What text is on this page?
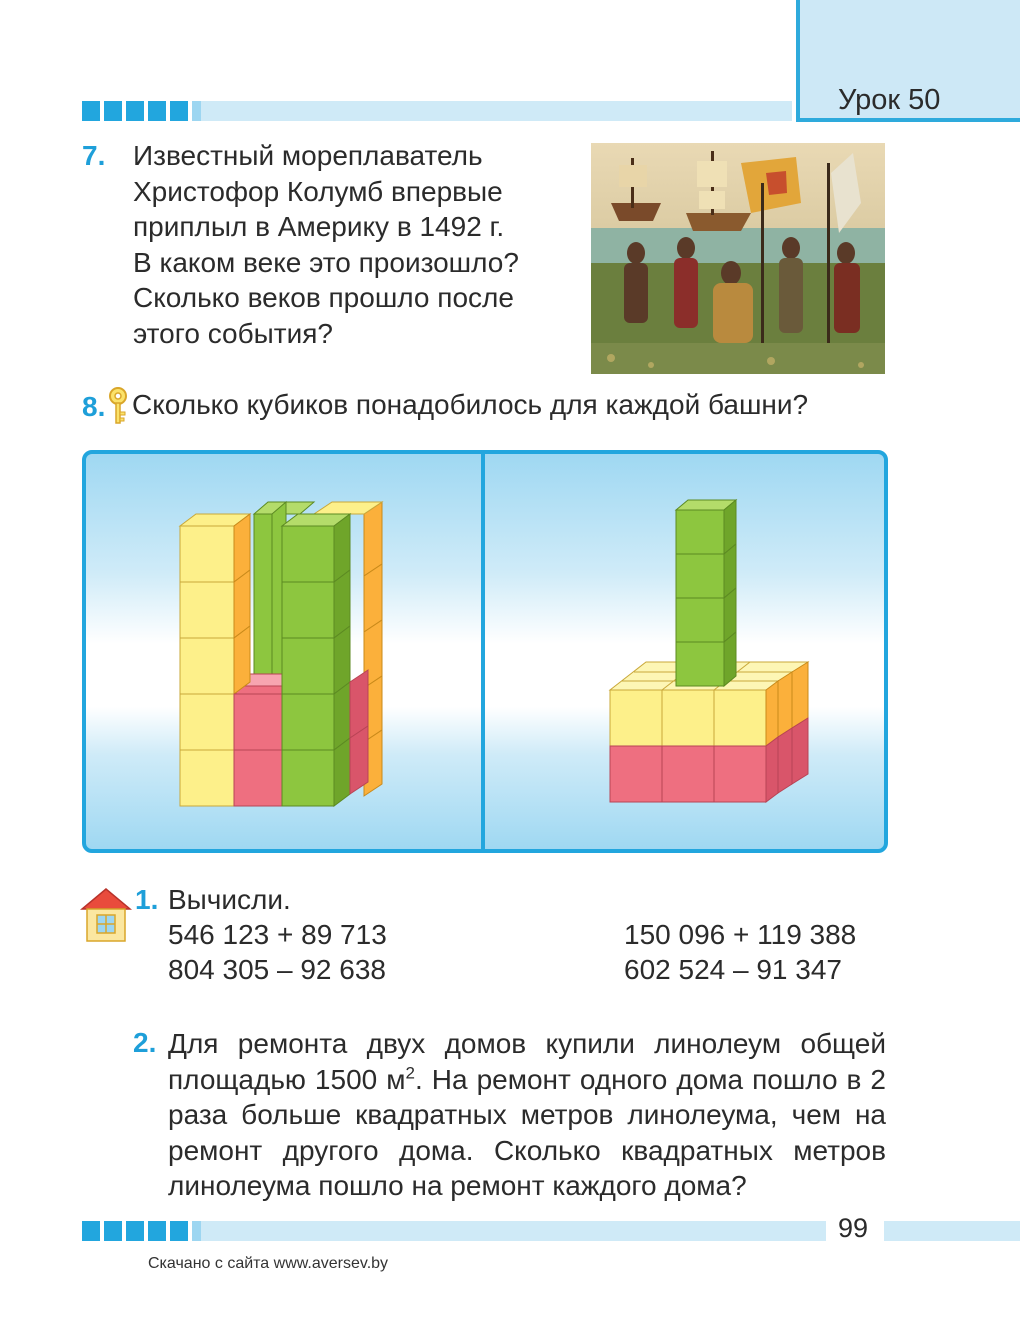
Урок 50
7. Известный мореплаватель
Христофор Колумб впервые
приплыл в Америку в 1492 г.
В каком веке это произошло?
Сколько веков прошло после
этого события?
8. Сколько кубиков понадобилось для каждой башни?
1. Вычисли.
546 123 + 89 713
804 305 – 92 638
150 096 + 119 388
602 524 – 91 347
2. Для ремонта двух домов купили линолеум общей площадью 1500 $м^2$. На ремонт одного дома пошло в 2 раза больше квадратных метров линолеума, чем на ремонт другого дома. Сколько квадратных метров линолеума пошло на ремонт каждого дома?
99
Скачано с сайта www.aversev.by
